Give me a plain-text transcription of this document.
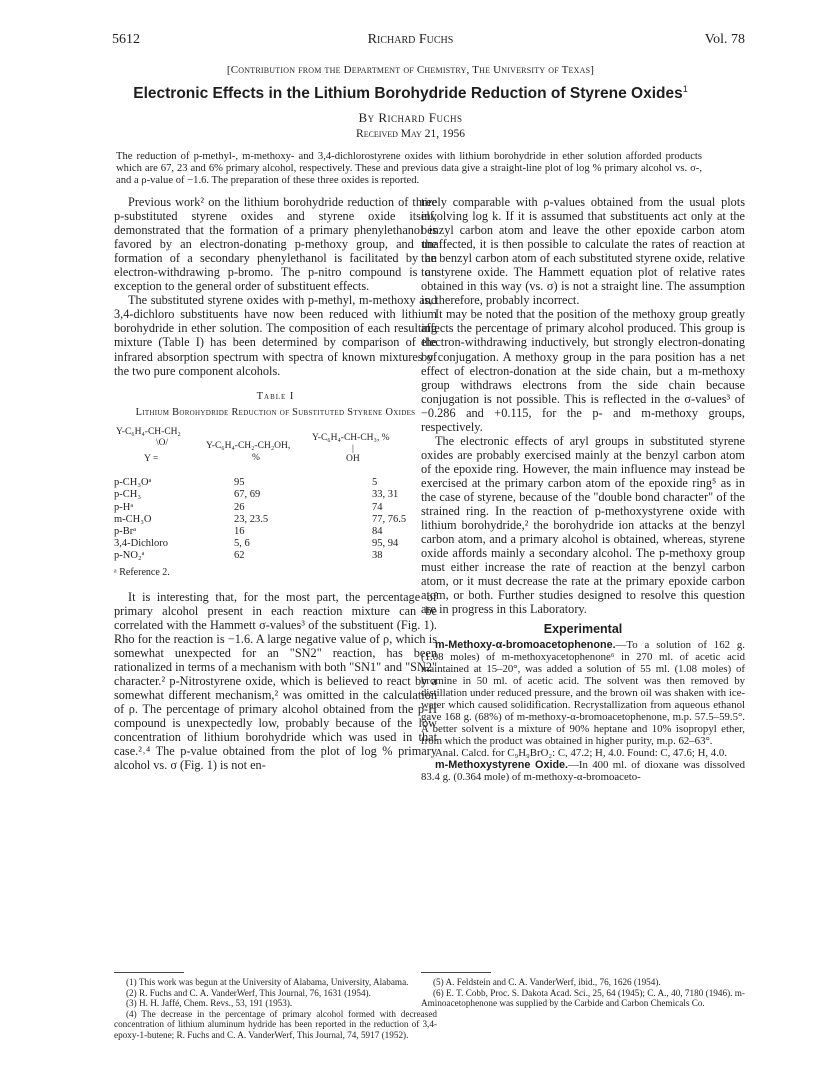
5612	Richard Fuchs	Vol. 78
[Contribution from the Department of Chemistry, The University of Texas]
Electronic Effects in the Lithium Borohydride Reduction of Styrene Oxides$^1$
By Richard Fuchs
Received May 21, 1956
The reduction of p-methyl-, m-methoxy- and 3,4-dichlorostyrene oxides with lithium borohydride in ether solution afforded products which are 67, 23 and 6% primary alcohol, respectively. These and previous data give a straight-line plot of log % primary alcohol vs. σ-, and a ρ-value of −1.6. The preparation of these three oxides is reported.

Previous work² on the lithium borohydride reduction of three p-substituted styrene oxides and styrene oxide itself, demonstrated that the formation of a primary phenylethanol is favored by an electron-donating p-methoxy group, and the formation of a secondary phenylethanol is facilitated by an electron-withdrawing p-bromo. The p-nitro compound is an exception to the general order of substituent effects.

The substituted styrene oxides with p-methyl, m-methoxy and 3,4-dichloro substituents have now been reduced with lithium borohydride in ether solution. The composition of each resulting mixture (Table I) has been determined by comparison of the infrared absorption spectrum with spectra of known mixtures of the two pure component alcohols.

Table I
Lithium Borohydride Reduction of Substituted Styrene Oxides
Y-C₆H₄-CH-CH₂
\O/
Y =
Y-C₆H₄-CH₂-CH₂OH,
%
Y-C₆H₄-CH-CH₃, %
|
OH
p-CH₃Oᵃ	95	5
p-CH₃	67, 69	33, 31
p-Hᵃ	26	74
m-CH₃O	23, 23.5	77, 76.5
p-Brᵃ	16	84
3,4-Dichloro	5, 6	95, 94
p-NO₂ᵃ	62	38
ᵃ Reference 2.

It is interesting that, for the most part, the percentage of primary alcohol present in each reaction mixture can be correlated with the Hammett σ-values³ of the substituent (Fig. 1). Rho for the reaction is −1.6. A large negative value of ρ, which is somewhat unexpected for an "SN2" reaction, has been rationalized in terms of a mechanism with both "SN1" and "SN2" character.² p-Nitrostyrene oxide, which is believed to react by a somewhat different mechanism,² was omitted in the calculation of ρ. The percentage of primary alcohol obtained from the p-H compound is unexpectedly low, probably because of the low concentration of lithium borohydride which was used in that case.²˒⁴ The p-value obtained from the plot of log % primary alcohol vs. σ (Fig. 1) is not en-

tirely comparable with ρ-values obtained from the usual plots involving log k. If it is assumed that substituents act only at the benzyl carbon atom and leave the other epoxide carbon atom unaffected, it is then possible to calculate the rates of reaction at the benzyl carbon atom of each substituted styrene oxide, relative to styrene oxide. The Hammett equation plot of relative rates obtained in this way (vs. σ) is not a straight line. The assumption is, therefore, probably incorrect.

It may be noted that the position of the methoxy group greatly affects the percentage of primary alcohol produced. This group is electron-withdrawing inductively, but strongly electron-donating by conjugation. A methoxy group in the para position has a net effect of electron-donation at the side chain, but a m-methoxy group withdraws electrons from the side chain because conjugation is not possible. This is reflected in the σ-values³ of −0.286 and +0.115, for the p- and m-methoxy groups, respectively.

The electronic effects of aryl groups in substituted styrene oxides are probably exercised mainly at the benzyl carbon atom of the epoxide ring. However, the main influence may instead be exercised at the primary carbon atom of the epoxide ring⁵ as in the case of styrene, because of the "double bond character" of the strained ring. In the reaction of p-methoxystyrene oxide with lithium borohydride,² the borohydride ion attacks at the benzyl carbon atom, and a primary alcohol is obtained, whereas, styrene oxide affords mainly a secondary alcohol. The p-methoxy group must either increase the rate of reaction at the benzyl carbon atom, or it must decrease the rate at the primary epoxide carbon atom, or both. Further studies designed to resolve this question are in progress in this Laboratory.

Experimental

m-Methoxy-α-bromoacetophenone.—To a solution of 162 g. (1.08 moles) of m-methoxyacetophenone⁶ in 270 ml. of acetic acid maintained at 15–20°, was added a solution of 55 ml. (1.08 moles) of bromine in 50 ml. of acetic acid. The solvent was then removed by distillation under reduced pressure, and the brown oil was shaken with ice-water which caused solidification. Recrystallization from aqueous ethanol gave 168 g. (68%) of m-methoxy-α-bromoacetophenone, m.p. 57.5–59.5°. A better solvent is a mixture of 90% heptane and 10% isopropyl ether, from which the product was obtained in higher purity, m.p. 62–63°.

Anal. Calcd. for C₉H₉BrO₂: C, 47.2; H, 4.0. Found: C, 47.6; H, 4.0.

m-Methoxystyrene Oxide.—In 400 ml. of dioxane was dissolved 83.4 g. (0.364 mole) of m-methoxy-α-bromoaceto-

(1) This work was begun at the University of Alabama, University, Alabama.

(2) R. Fuchs and C. A. VanderWerf, This Journal, 76, 1631 (1954).

(3) H. H. Jaffé, Chem. Revs., 53, 191 (1953).

(4) The decrease in the percentage of primary alcohol formed with decreased concentration of lithium aluminum hydride has been reported in the reduction of 3,4-epoxy-1-butene; R. Fuchs and C. A. VanderWerf, This Journal, 74, 5917 (1952).

(5) A. Feldstein and C. A. VanderWerf, ibid., 76, 1626 (1954).

(6) E. T. Cobb, Proc. S. Dakota Acad. Sci., 25, 64 (1945); C. A., 40, 7180 (1946). m-Aminoacetophenone was supplied by the Carbide and Carbon Chemicals Co.
